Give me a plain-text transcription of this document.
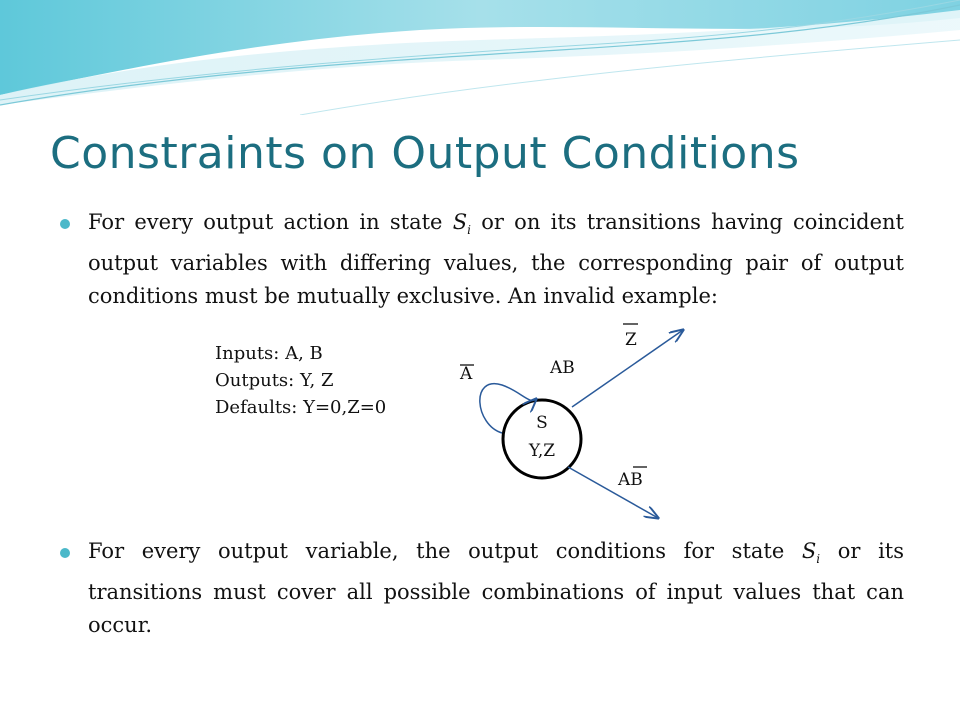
Constraints on Output Conditions

For every output action in state $S_i$ or on its transitions having coincident output variables with differing values, the corresponding pair of output conditions must be mutually exclusive. An invalid example:

Inputs: A, B
Outputs: Y, Z
Defaults: Y=0,Z=0
S
Y,Z
A	AB
Z
AB

For every output variable, the output conditions for state $S_i$ or its transitions must cover all possible combinations of input values that can occur.
